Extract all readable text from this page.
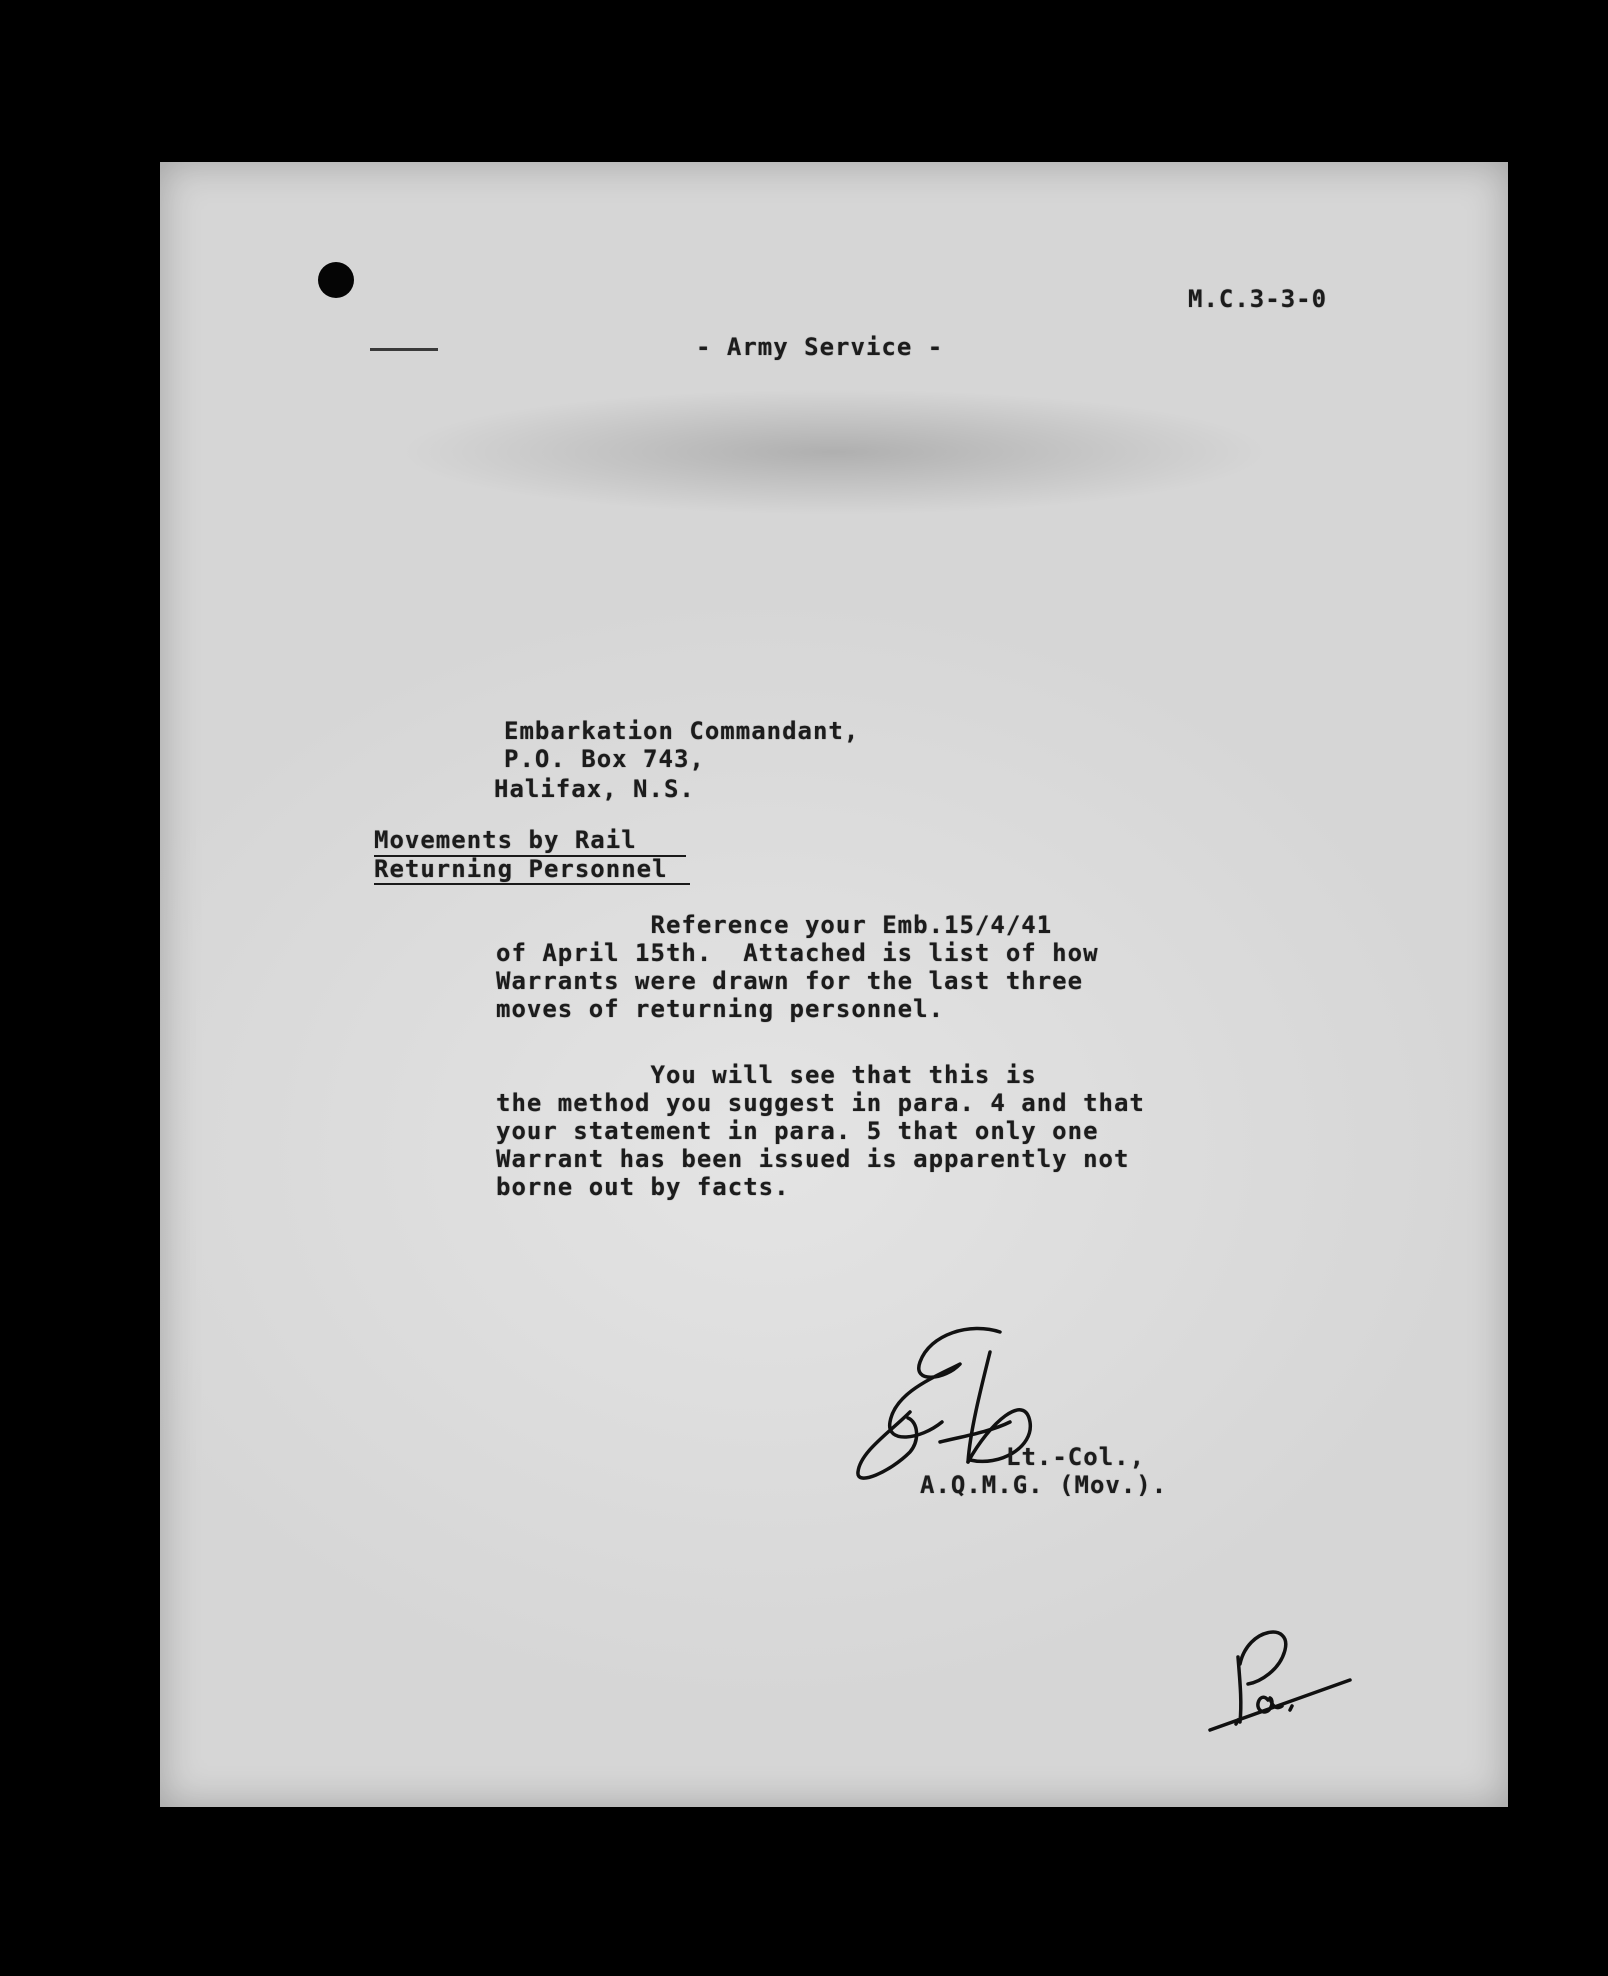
M.C.3-3-0
- Army Service -
Embarkation Commandant,
P.O. Box 743,
Halifax, N.S.
Movements by Rail
Returning Personnel
Reference your Emb.15/4/41
of April 15th.  Attached is list of how
Warrants were drawn for the last three
moves of returning personnel.
You will see that this is
the method you suggest in para. 4 and that
your statement in para. 5 that only one
Warrant has been issued is apparently not
borne out by facts.
Lt.-Col.,
A.Q.M.G. (Mov.).
